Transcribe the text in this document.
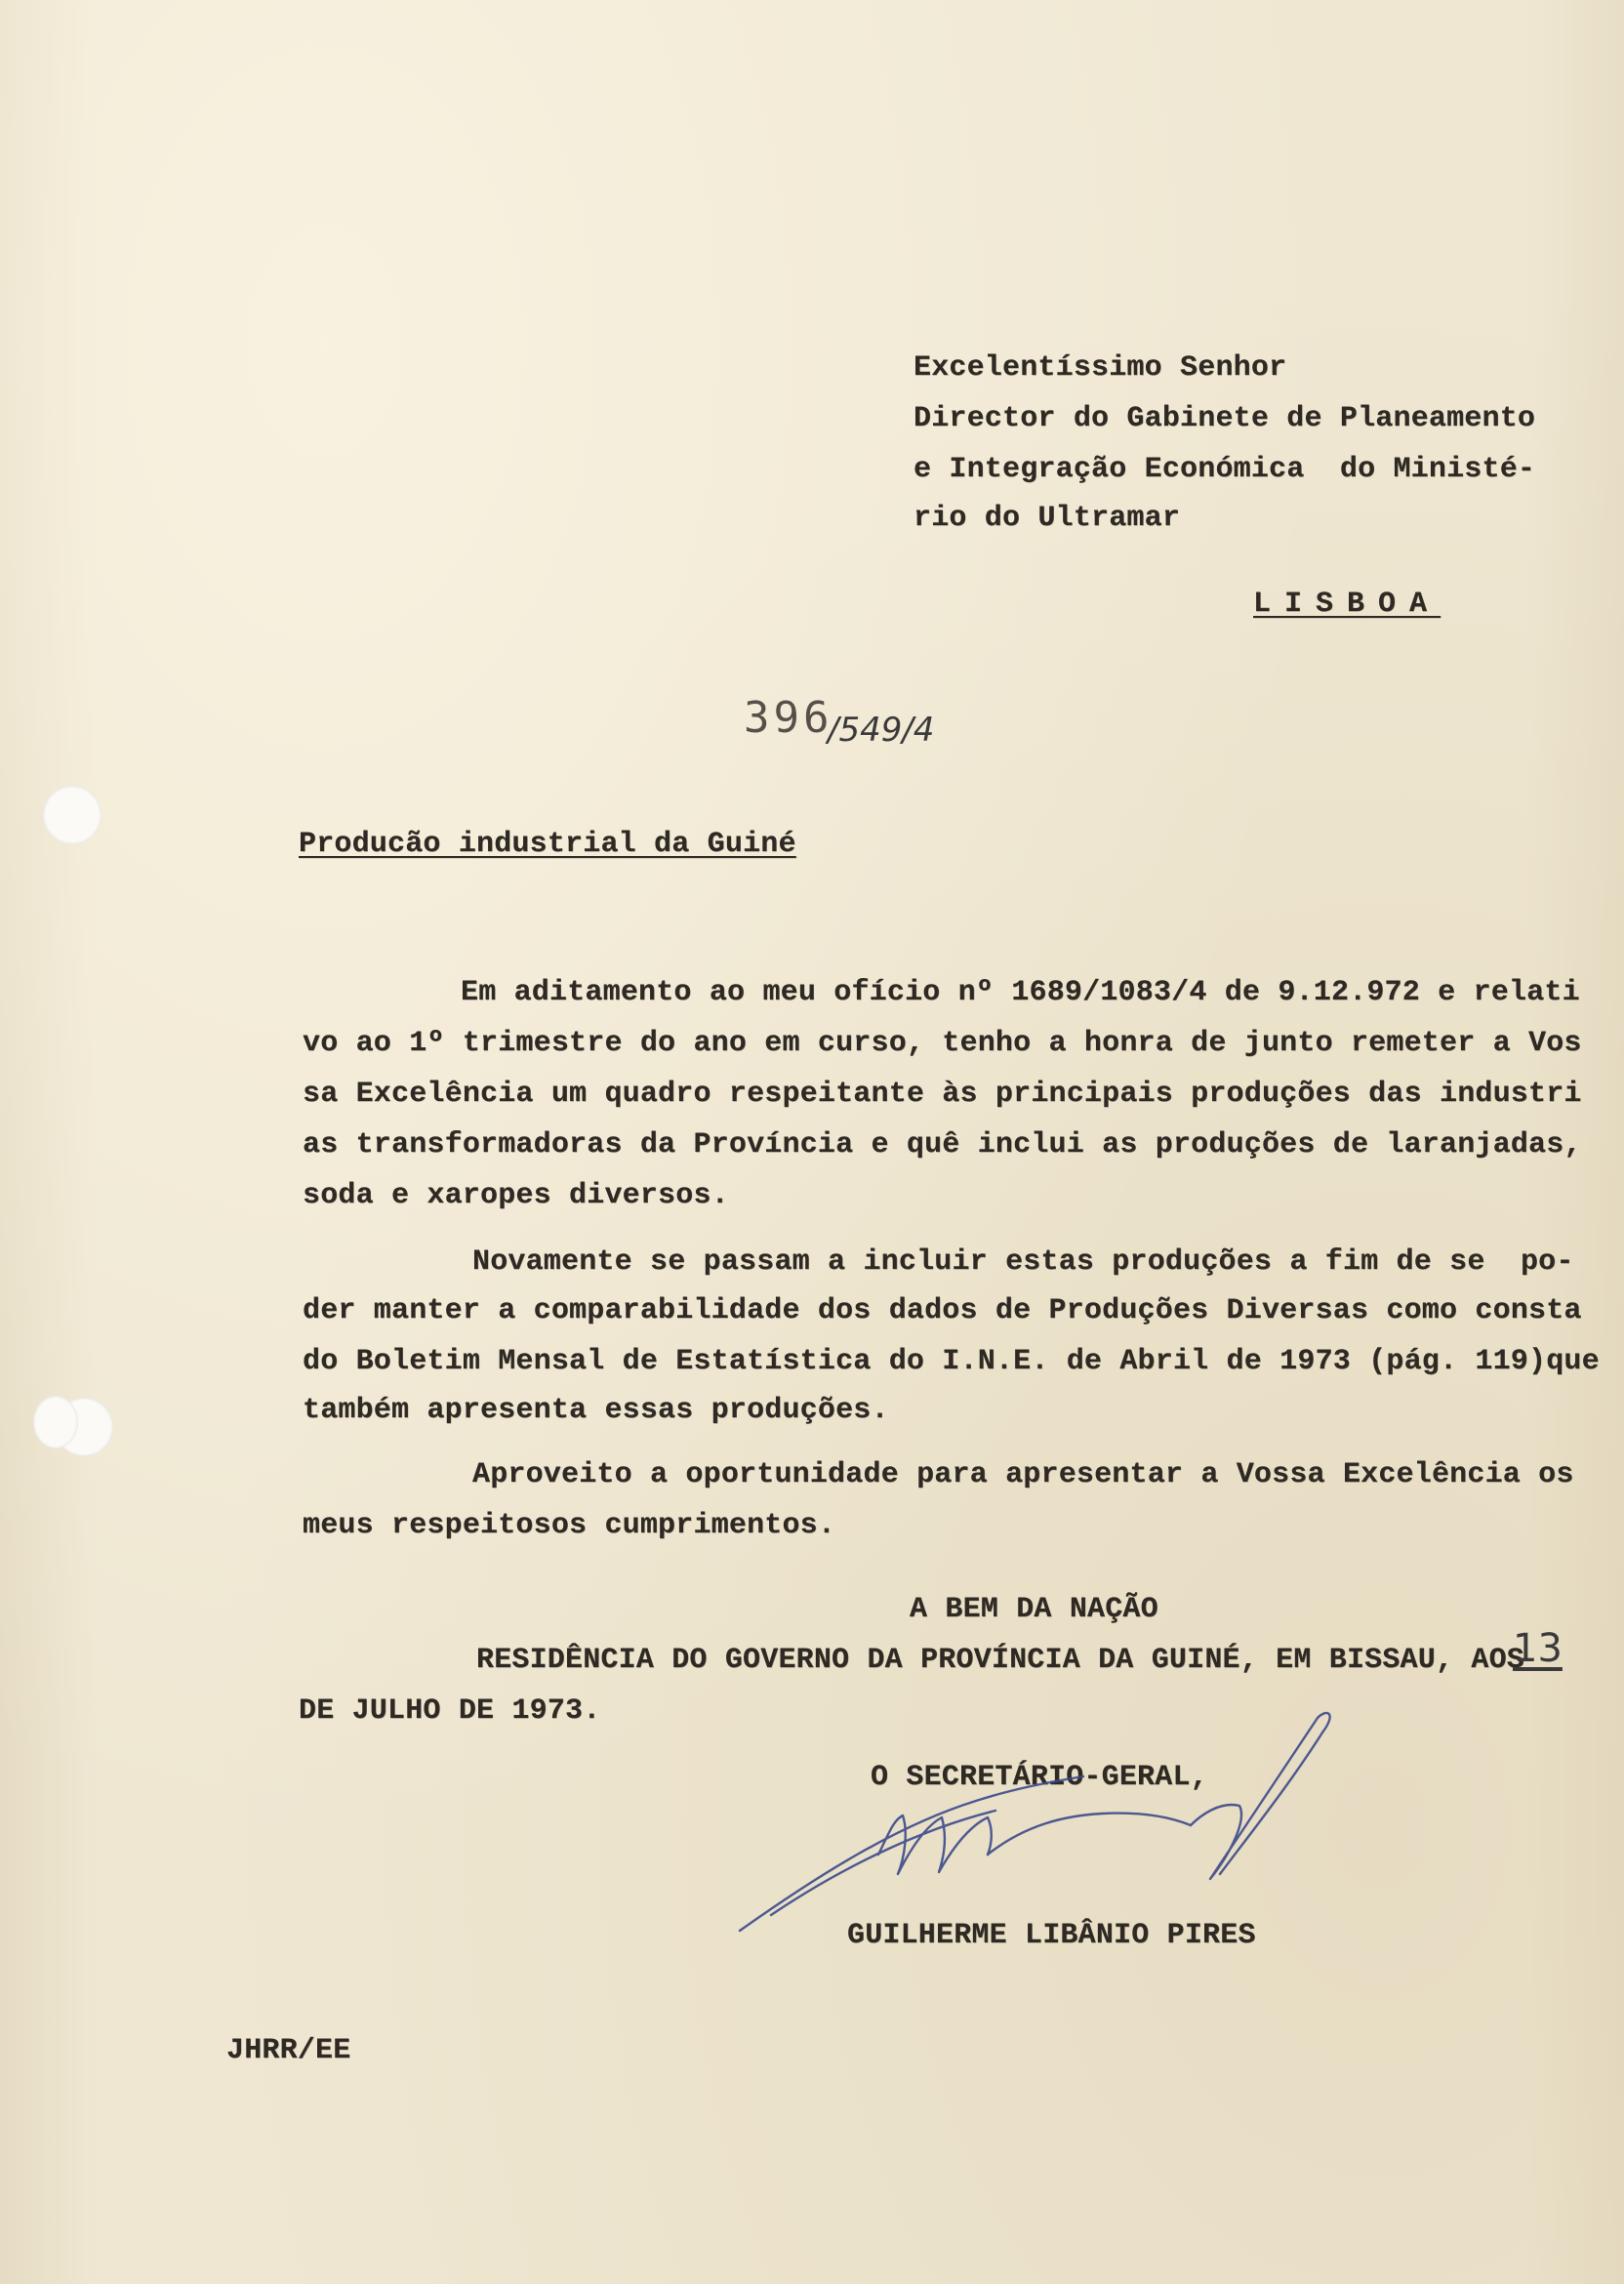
Excelentíssimo Senhor
Director do Gabinete de Planeamento
e Integração Económica  do Ministé-
rio do Ultramar
LISBOA
396
/549/4
Producão industrial da Guiné
Em aditamento ao meu ofício nº 1689/1083/4 de 9.12.972 e relati
vo ao 1º trimestre do ano em curso, tenho a honra de junto remeter a Vos
sa Excelência um quadro respeitante às principais produções das industri
as transformadoras da Província e quê inclui as produções de laranjadas,
soda e xaropes diversos.
Novamente se passam a incluir estas produções a fim de se  po-
der manter a comparabilidade dos dados de Produções Diversas como consta
do Boletim Mensal de Estatística do I.N.E. de Abril de 1973 (pág. 119)que
também apresenta essas produções.
Aproveito a oportunidade para apresentar a Vossa Excelência os
meus respeitosos cumprimentos.
A BEM DA NAÇÃO
RESIDÊNCIA DO GOVERNO DA PROVÍNCIA DA GUINÉ, EM BISSAU, AOS
13
DE JULHO DE 1973.
O SECRETÁRIO-GERAL,
GUILHERME LIBÂNIO PIRES
JHRR/EE
